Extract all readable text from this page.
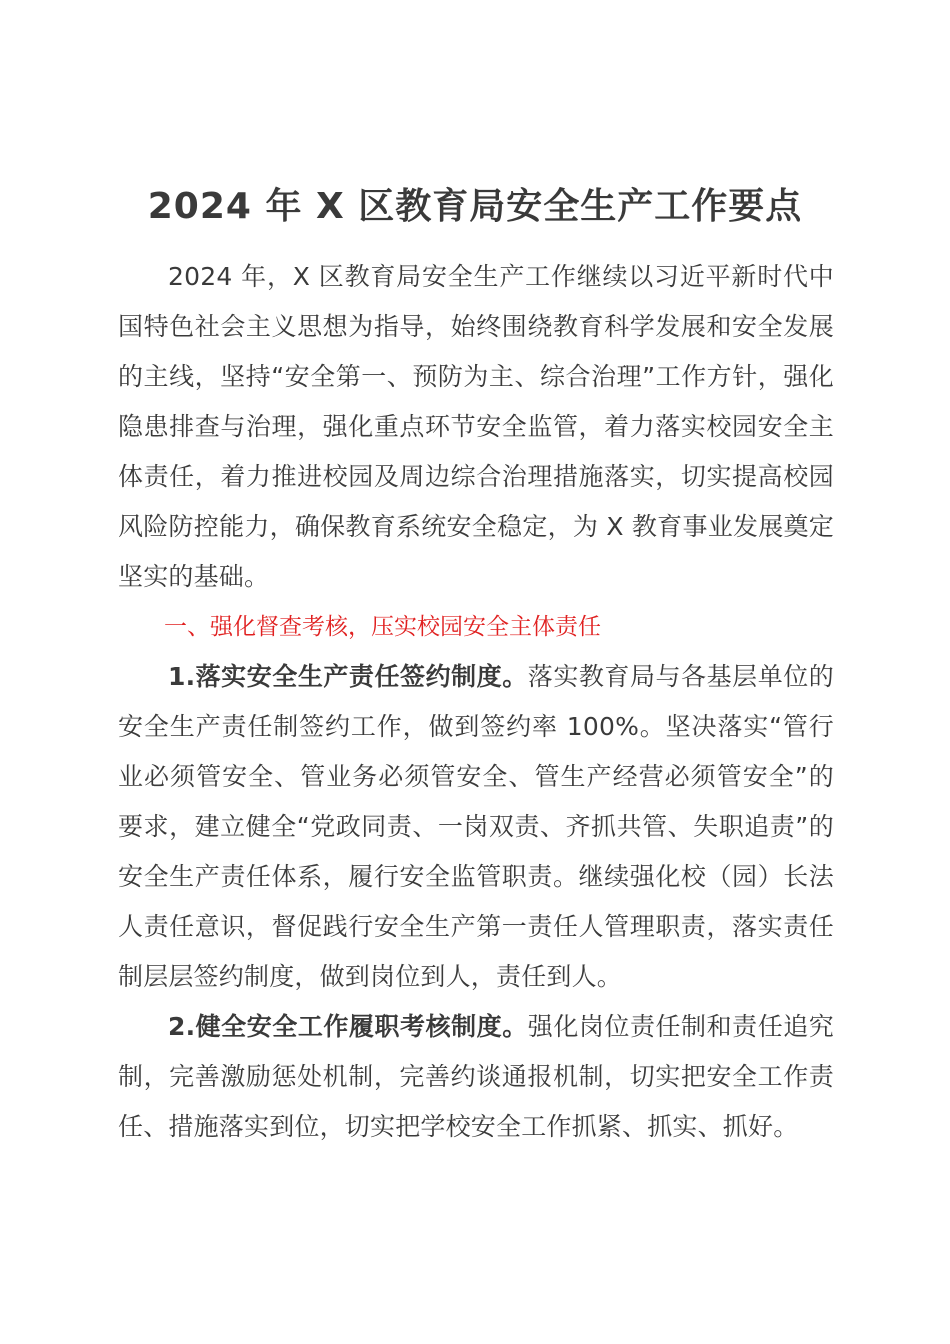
2024 年 X 区教育局安全生产工作要点

2024 年，X 区教育局安全生产工作继续以习近平新时代中国特色社会主义思想为指导，始终围绕教育科学发展和安全发展的主线，坚持“安全第一、预防为主、综合治理”工作方针，强化隐患排查与治理，强化重点环节安全监管，着力落实校园安全主体责任，着力推进校园及周边综合治理措施落实，切实提高校园风险防控能力，确保教育系统安全稳定，为 X 教育事业发展奠定坚实的基础。

一、强化督查考核，压实校园安全主体责任

1.落实安全生产责任签约制度。落实教育局与各基层单位的安全生产责任制签约工作，做到签约率 100%。坚决落实“管行业必须管安全、管业务必须管安全、管生产经营必须管安全”的要求，建立健全“党政同责、一岗双责、齐抓共管、失职追责”的安全生产责任体系，履行安全监管职责。继续强化校（园）长法人责任意识，督促践行安全生产第一责任人管理职责，落实责任制层层签约制度，做到岗位到人，责任到人。

2.健全安全工作履职考核制度。强化岗位责任制和责任追究制，完善激励惩处机制，完善约谈通报机制，切实把安全工作责任、措施落实到位，切实把学校安全工作抓紧、抓实、抓好。
